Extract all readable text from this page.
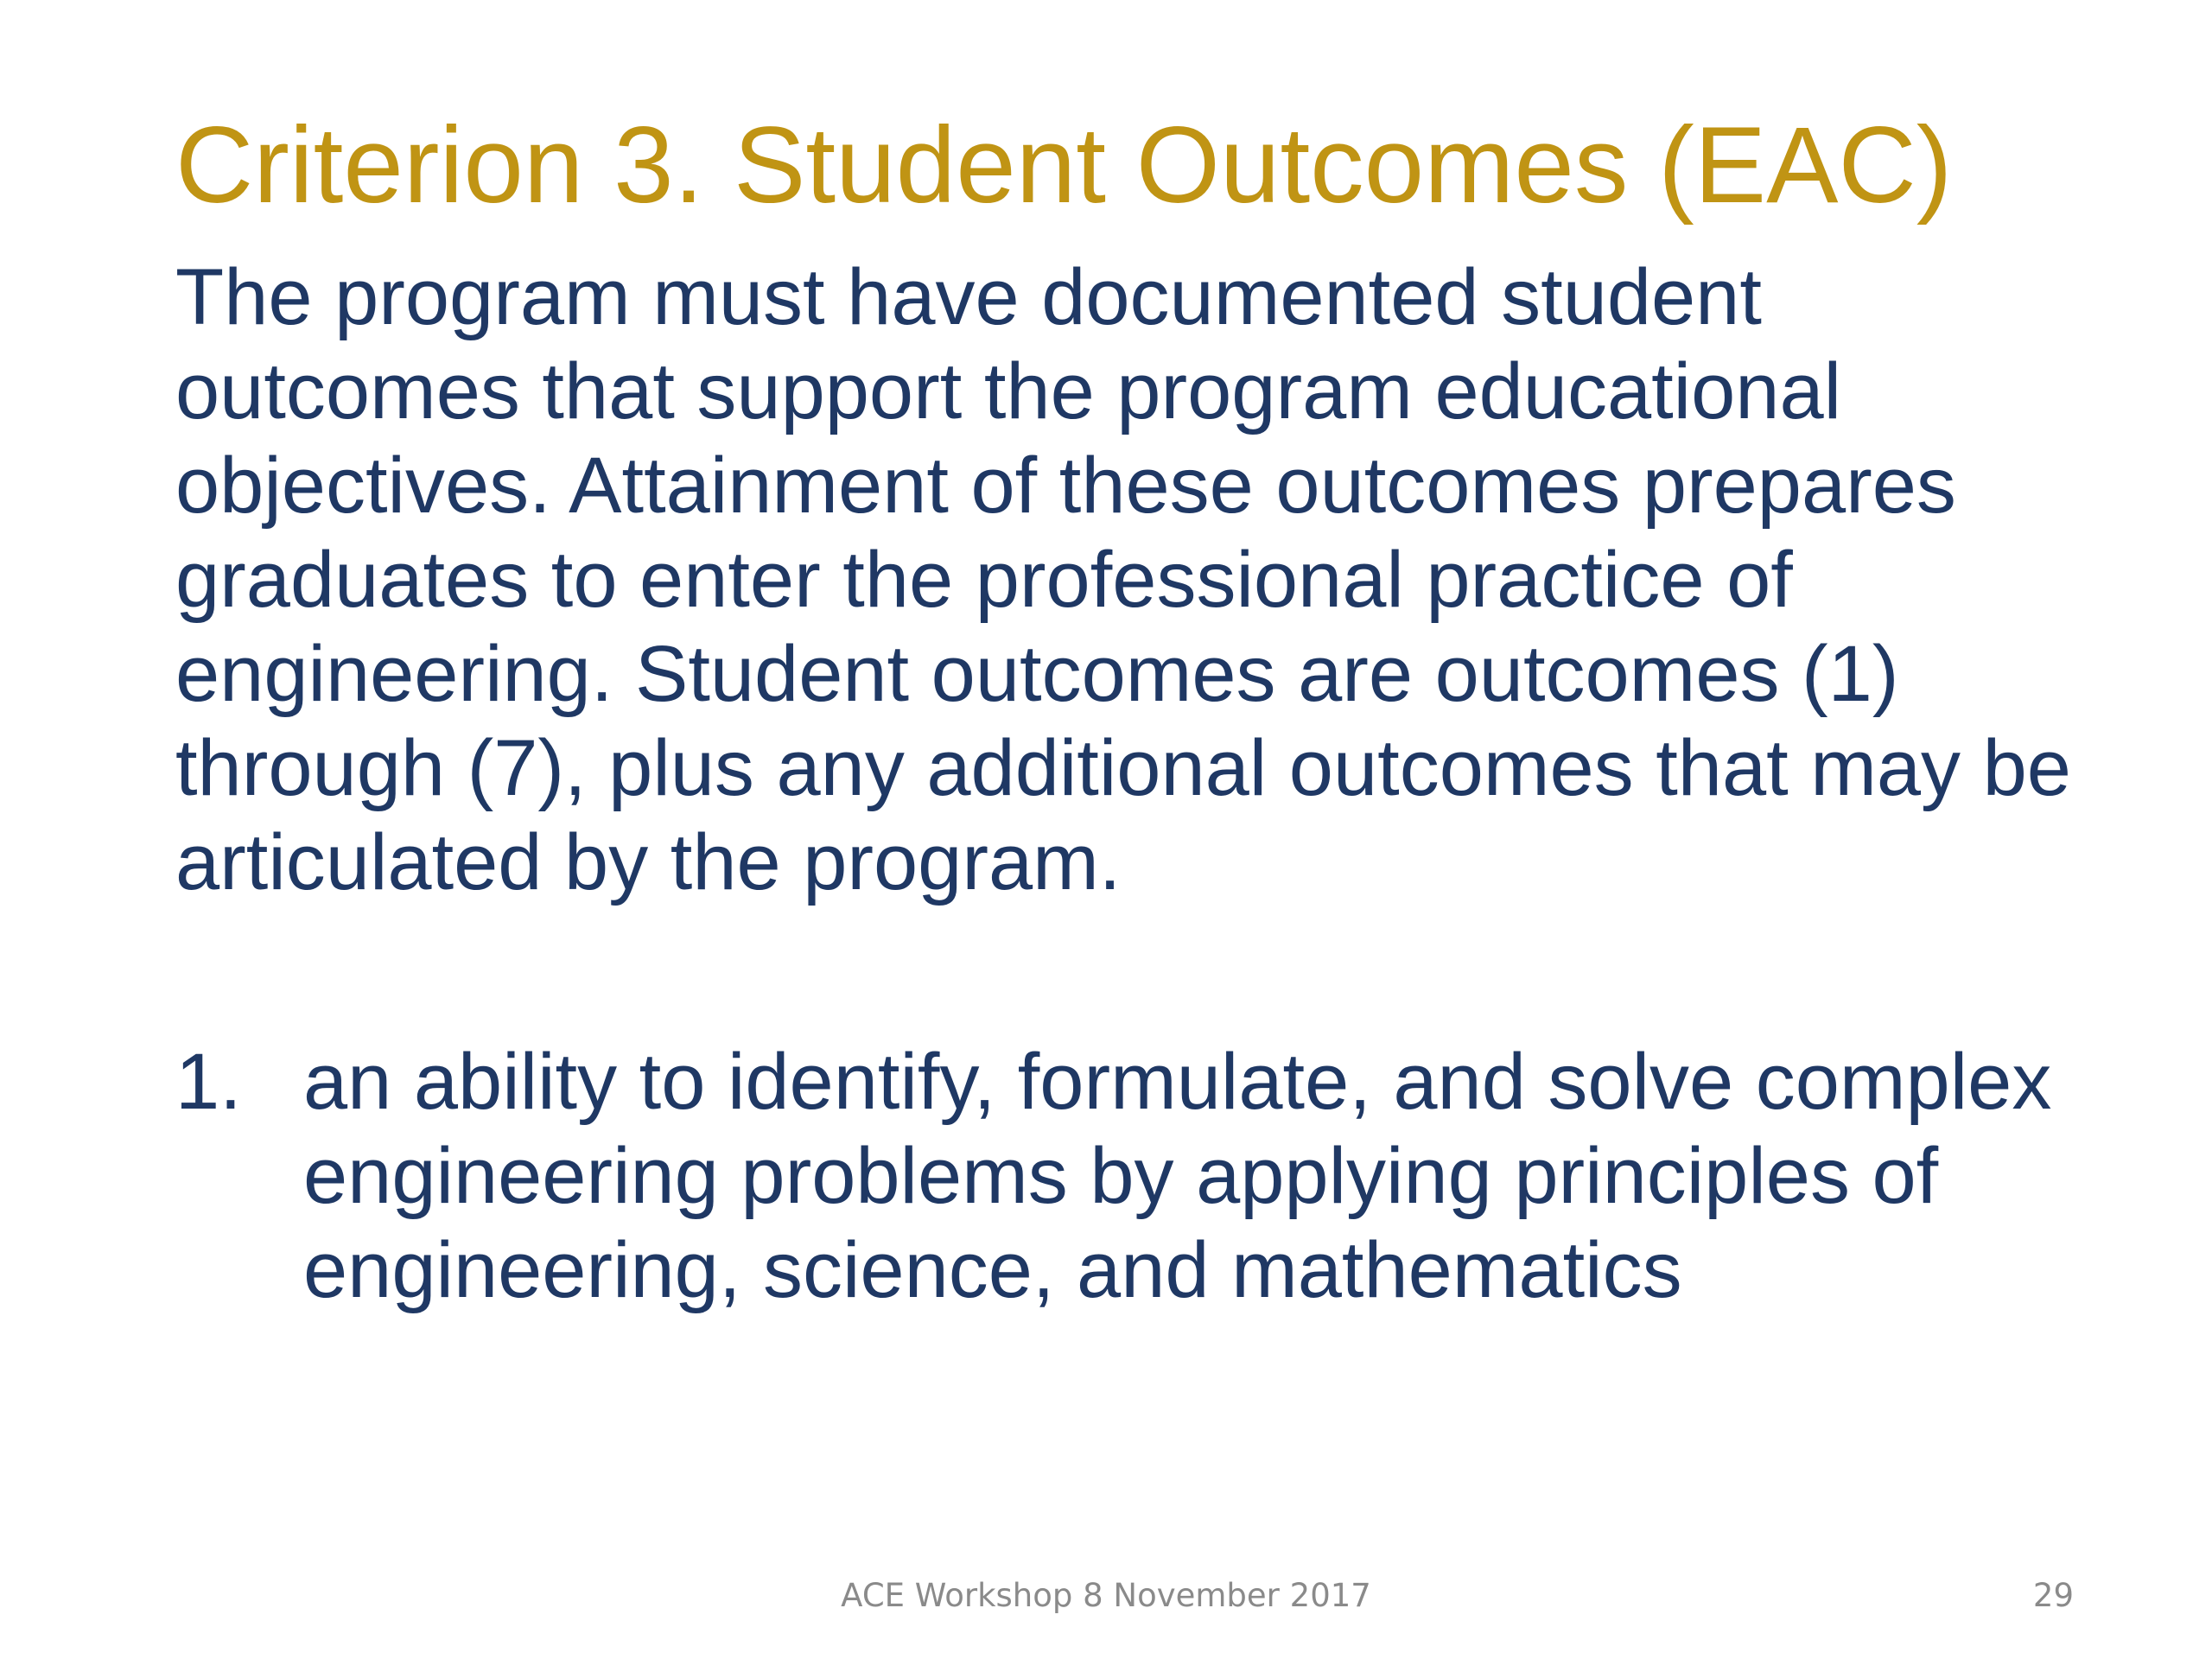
Criterion 3. Student Outcomes (EAC)

The program must have documented student outcomes that support the program educational objectives. Attainment of these outcomes prepares graduates to enter the professional practice of engineering. Student outcomes are outcomes (1) through (7), plus any additional outcomes that may be articulated by the program.

1. an ability to identify, formulate, and solve complex engineering problems by applying principles of engineering, science, and mathematics
ACE Workshop 8 November 2017	29
